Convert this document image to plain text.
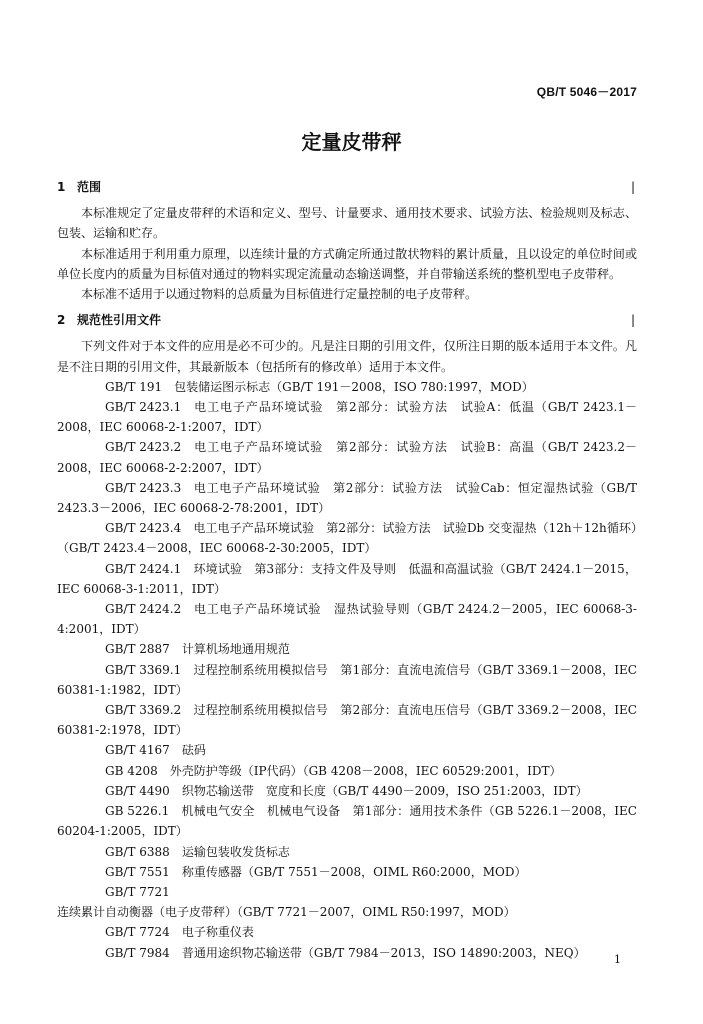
QB/T 5046－2017
定量皮带秤
1 范围	|

本标准规定了定量皮带秤的术语和定义、型号、计量要求、通用技术要求、试验方法、检验规则及标志、包装、运输和贮存。

本标准适用于利用重力原理，以连续计量的方式确定所通过散状物料的累计质量，且以设定的单位时间或单位长度内的质量为目标值对通过的物料实现定流量动态输送调整，并自带输送系统的整机型电子皮带秤。

本标准不适用于以通过物料的总质量为目标值进行定量控制的电子皮带秤。

2 规范性引用文件	|

下列文件对于本文件的应用是必不可少的。凡是注日期的引用文件，仅所注日期的版本适用于本文件。凡是不注日期的引用文件，其最新版本（包括所有的修改单）适用于本文件。

GB/T 191 包装储运图示标志（GB/T 191－2008，ISO 780:1997，MOD）

GB/T 2423.1 电工电子产品环境试验　第2部分：试验方法　试验A：低温（GB/T 2423.1－2008，IEC 60068-2-1:2007，IDT）

GB/T 2423.2 电工电子产品环境试验　第2部分：试验方法　试验B：高温（GB/T 2423.2－2008，IEC 60068-2-2:2007，IDT）

GB/T 2423.3 电工电子产品环境试验　第2部分：试验方法　试验Cab：恒定湿热试验（GB/T 2423.3－2006，IEC 60068-2-78:2001，IDT）

GB/T 2423.4 电工电子产品环境试验　第2部分：试验方法　试验Db 交变湿热（12h＋12h循环）（GB/T 2423.4－2008，IEC 60068-2-30:2005，IDT）

GB/T 2424.1 环境试验　第3部分：支持文件及导则　低温和高温试验（GB/T 2424.1－2015，IEC 60068-3-1:2011，IDT）

GB/T 2424.2 电工电子产品环境试验　湿热试验导则（GB/T 2424.2－2005，IEC 60068-3-4:2001，IDT）

GB/T 2887 计算机场地通用规范

GB/T 3369.1 过程控制系统用模拟信号　第1部分：直流电流信号（GB/T 3369.1－2008，IEC 60381-1:1982，IDT）

GB/T 3369.2 过程控制系统用模拟信号　第2部分：直流电压信号（GB/T 3369.2－2008，IEC 60381-2:1978，IDT）

GB/T 4167 砝码

GB 4208 外壳防护等级（IP代码）（GB 4208－2008，IEC 60529:2001，IDT）

GB/T 4490 织物芯输送带　宽度和长度（GB/T 4490－2009，ISO 251:2003，IDT）

GB 5226.1 机械电气安全　机械电气设备　第1部分：通用技术条件（GB 5226.1－2008，IEC 60204-1:2005，IDT）

GB/T 6388 运输包装收发货标志

GB/T 7551 称重传感器（GB/T 7551－2008，OIML R60:2000，MOD）

GB/T 7721连续累计自动衡器（电子皮带秤）（GB/T 7721－2007，OIML R50:1997，MOD）

GB/T 7724 电子称重仪表

GB/T 7984 普通用途织物芯输送带（GB/T 7984－2013，ISO 14890:2003，NEQ）	1
